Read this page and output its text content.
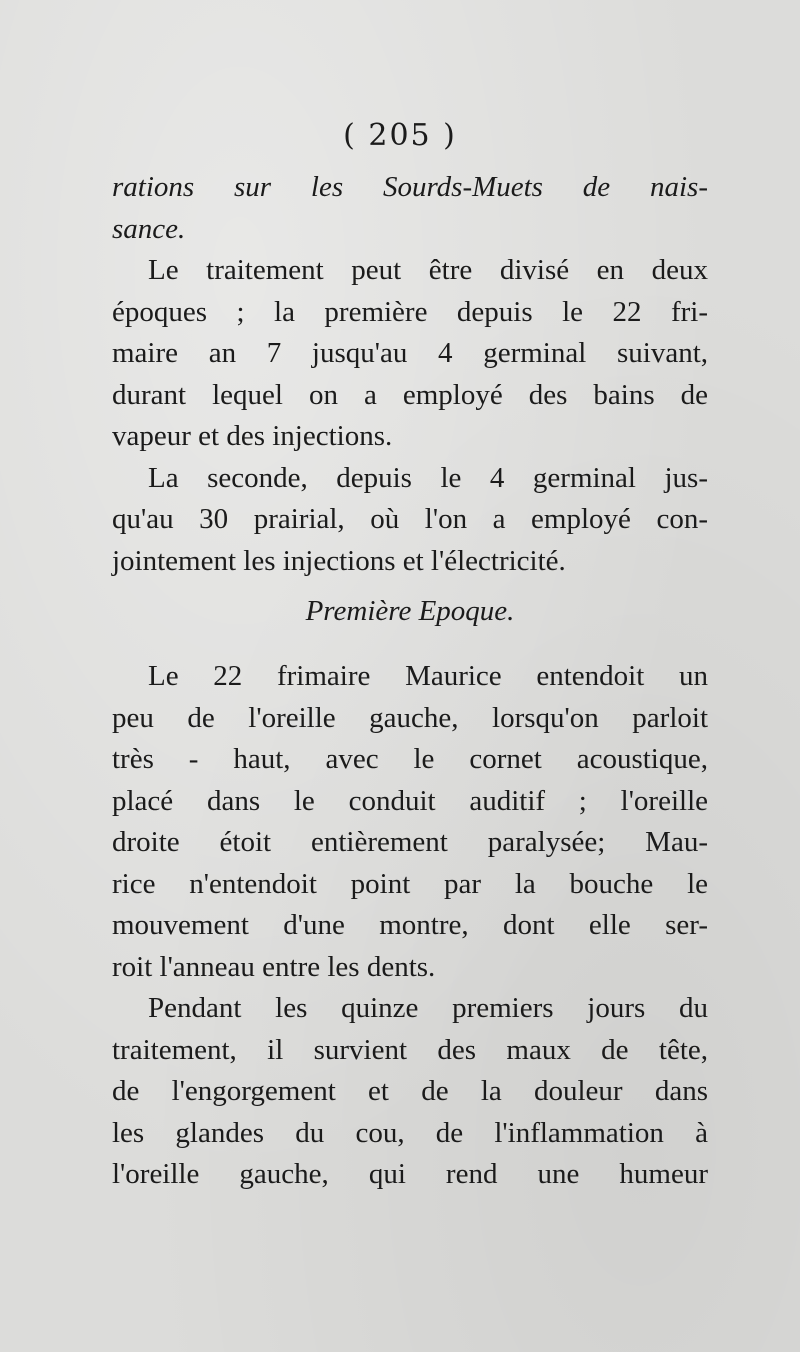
( 205 )
rations sur les Sourds-Muets de nais-
sance.
Le traitement peut être divisé en deux
époques ; la première depuis le 22 fri-
maire an 7 jusqu'au 4 germinal suivant,
durant lequel on a employé des bains de
vapeur et des injections.
La seconde, depuis le 4 germinal jus-
qu'au 30 prairial, où l'on a employé con-
jointement les injections et l'électricité.
Première Epoque.
Le 22 frimaire Maurice entendoit un
peu de l'oreille gauche, lorsqu'on parloit
très - haut, avec le cornet acoustique,
placé dans le conduit auditif ; l'oreille
droite étoit entièrement paralysée; Mau-
rice n'entendoit point par la bouche le
mouvement d'une montre, dont elle ser-
roit l'anneau entre les dents.
Pendant les quinze premiers jours du
traitement, il survient des maux de tête,
de l'engorgement et de la douleur dans
les glandes du cou, de l'inflammation à
l'oreille gauche, qui rend une humeur
